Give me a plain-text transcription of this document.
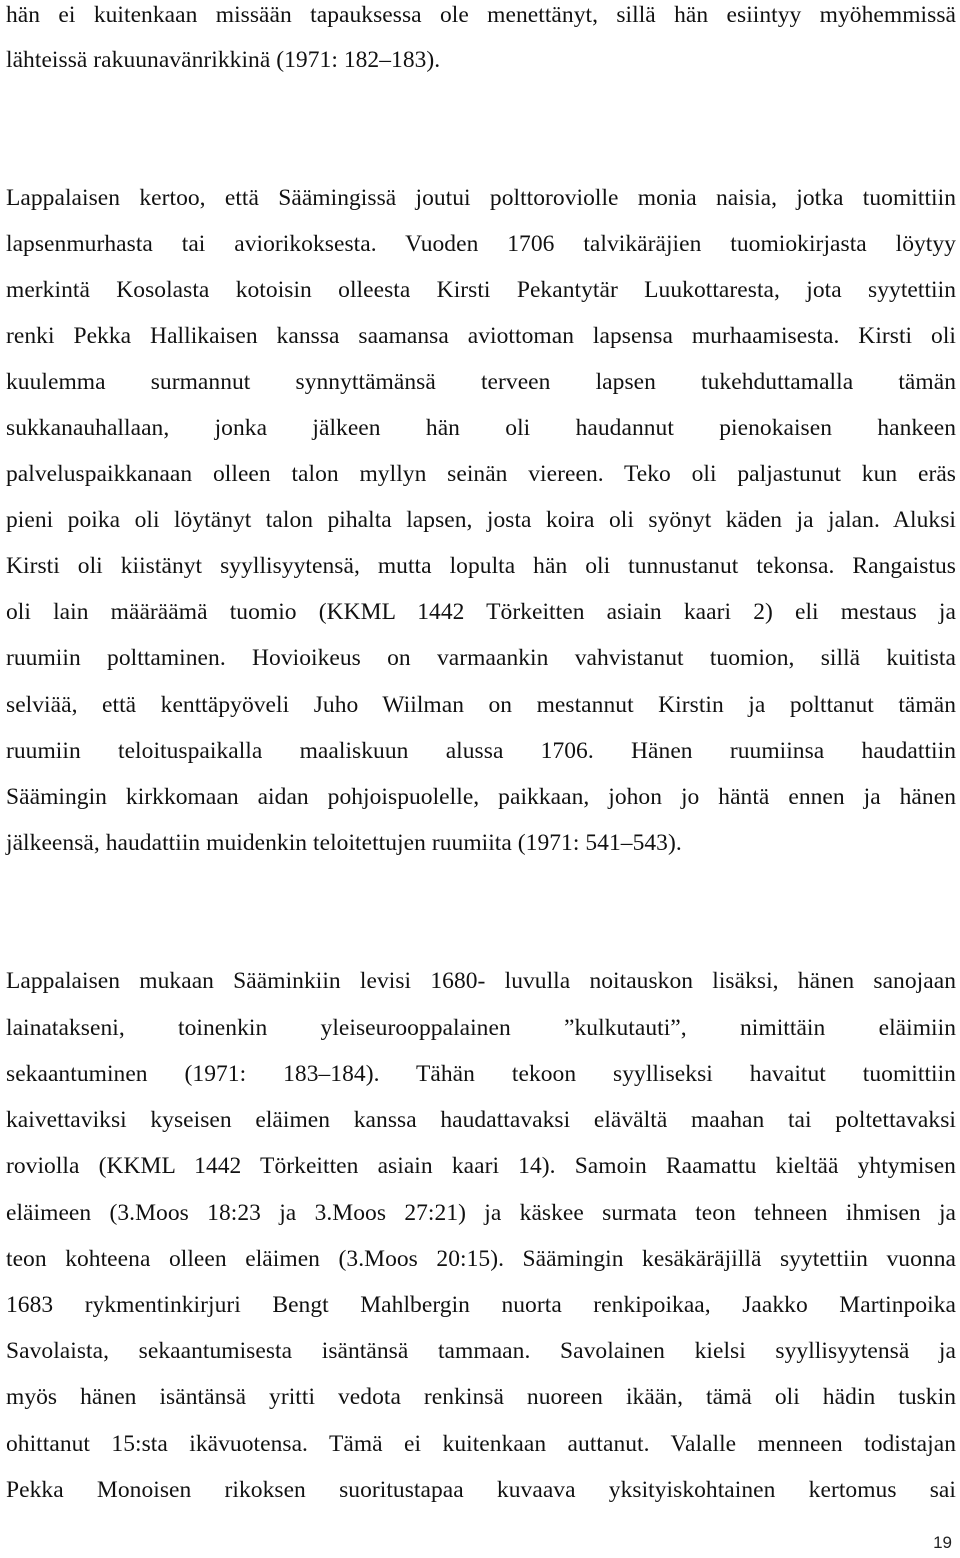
hän ei kuitenkaan missään tapauksessa ole menettänyt, sillä hän esiintyy myöhemmissä
lähteissä rakuunavänrikkinä (1971: 182–183).
Lappalaisen kertoo, että Säämingissä joutui polttoroviolle monia naisia, jotka tuomittiin
lapsenmurhasta tai aviorikoksesta. Vuoden 1706 talvikäräjien tuomiokirjasta löytyy
merkintä Kosolasta kotoisin olleesta Kirsti Pekantytär Luukottaresta, jota syytettiin
renki Pekka Hallikaisen kanssa saamansa aviottoman lapsensa murhaamisesta. Kirsti oli
kuulemma surmannut synnyttämänsä terveen lapsen tukehduttamalla tämän
sukkanauhallaan, jonka jälkeen hän oli haudannut pienokaisen hankeen
palveluspaikkanaan olleen talon myllyn seinän viereen. Teko oli paljastunut kun eräs
pieni poika oli löytänyt talon pihalta lapsen, josta koira oli syönyt käden ja jalan. Aluksi
Kirsti oli kiistänyt syyllisyytensä, mutta lopulta hän oli tunnustanut tekonsa. Rangaistus
oli lain määräämä tuomio (KKML 1442 Törkeitten asiain kaari 2) eli mestaus ja
ruumiin polttaminen. Hovioikeus on varmaankin vahvistanut tuomion, sillä kuitista
selviää, että kenttäpyöveli Juho Wiilman on mestannut Kirstin ja polttanut tämän
ruumiin teloituspaikalla maaliskuun alussa 1706. Hänen ruumiinsa haudattiin
Säämingin kirkkomaan aidan pohjoispuolelle, paikkaan, johon jo häntä ennen ja hänen
jälkeensä, haudattiin muidenkin teloitettujen ruumiita (1971: 541–543).
Lappalaisen mukaan Sääminkiin levisi 1680- luvulla noitauskon lisäksi, hänen sanojaan
lainatakseni, toinenkin yleiseurooppalainen ”kulkutauti”, nimittäin eläimiin
sekaantuminen (1971: 183–184). Tähän tekoon syylliseksi havaitut tuomittiin
kaivettaviksi kyseisen eläimen kanssa haudattavaksi elävältä maahan tai poltettavaksi
roviolla (KKML 1442 Törkeitten asiain kaari 14). Samoin Raamattu kieltää yhtymisen
eläimeen (3.Moos 18:23 ja 3.Moos 27:21) ja käskee surmata teon tehneen ihmisen ja
teon kohteena olleen eläimen (3.Moos 20:15). Säämingin kesäkäräjillä syytettiin vuonna
1683 rykmentinkirjuri Bengt Mahlbergin nuorta renkipoikaa, Jaakko Martinpoika
Savolaista, sekaantumisesta isäntänsä tammaan. Savolainen kielsi syyllisyytensä ja
myös hänen isäntänsä yritti vedota renkinsä nuoreen ikään, tämä oli hädin tuskin
ohittanut 15:sta ikävuotensa. Tämä ei kuitenkaan auttanut. Valalle menneen todistajan
Pekka Monoisen rikoksen suoritustapaa kuvaava yksityiskohtainen kertomus sai
19
